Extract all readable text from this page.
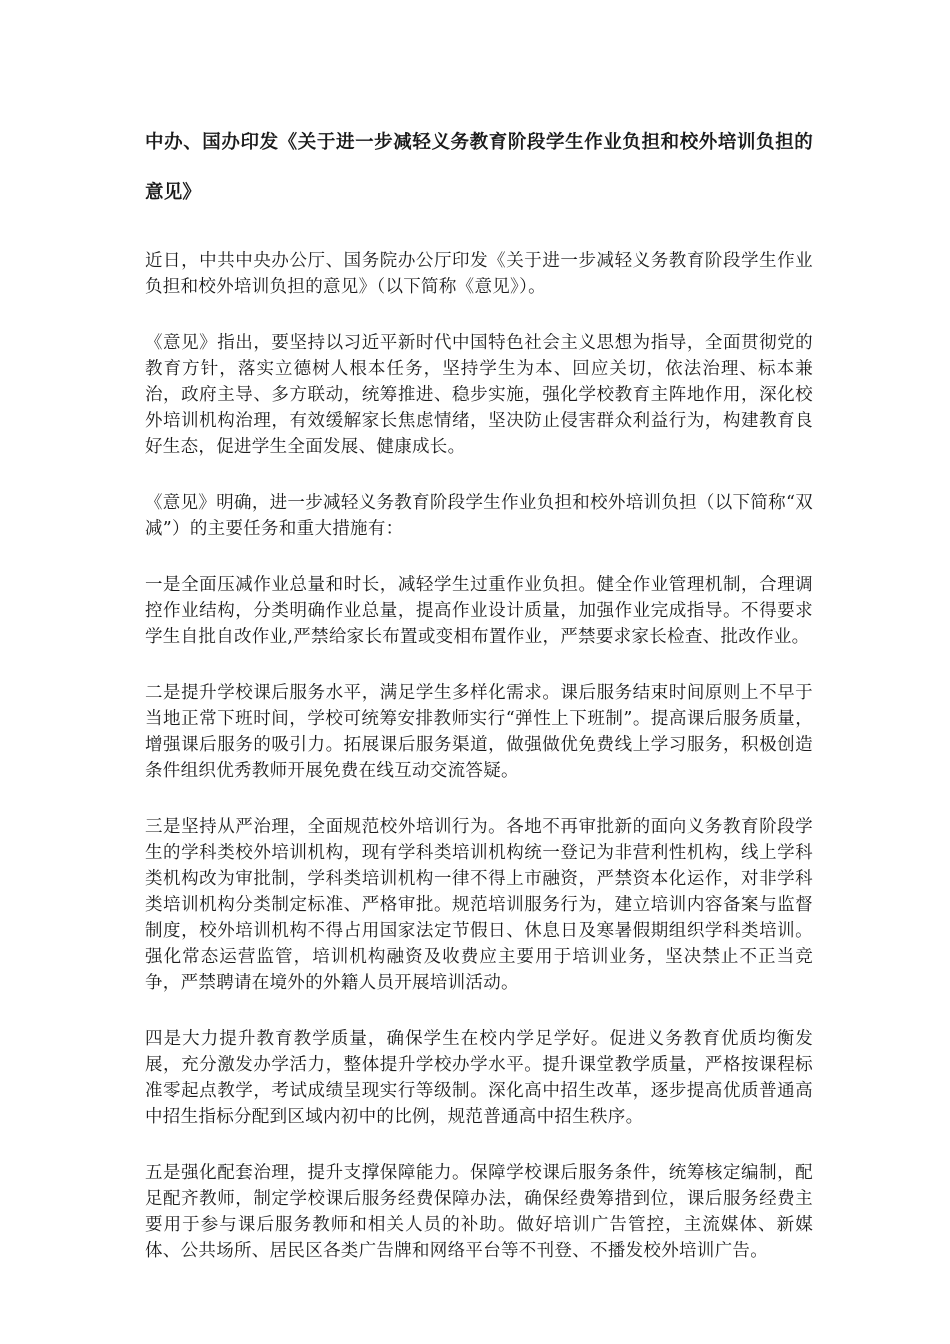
中办、国办印发《关于进一步减轻义务教育阶段学生作业负担和校外培训负担的意见》

近日，中共中央办公厅、国务院办公厅印发《关于进一步减轻义务教育阶段学生作业负担和校外培训负担的意见》（以下简称《意见》）。

《意见》指出，要坚持以习近平新时代中国特色社会主义思想为指导，全面贯彻党的教育方针，落实立德树人根本任务，坚持学生为本、回应关切，依法治理、标本兼治，政府主导、多方联动，统筹推进、稳步实施，强化学校教育主阵地作用，深化校外培训机构治理，有效缓解家长焦虑情绪，坚决防止侵害群众利益行为，构建教育良好生态，促进学生全面发展、健康成长。

《意见》明确，进一步减轻义务教育阶段学生作业负担和校外培训负担（以下简称“双减”）的主要任务和重大措施有：

一是全面压减作业总量和时长，减轻学生过重作业负担。健全作业管理机制，合理调控作业结构，分类明确作业总量，提高作业设计质量，加强作业完成指导。不得要求学生自批自改作业,严禁给家长布置或变相布置作业，严禁要求家长检查、批改作业。

二是提升学校课后服务水平，满足学生多样化需求。课后服务结束时间原则上不早于当地正常下班时间，学校可统筹安排教师实行“弹性上下班制”。提高课后服务质量，增强课后服务的吸引力。拓展课后服务渠道，做强做优免费线上学习服务，积极创造条件组织优秀教师开展免费在线互动交流答疑。

三是坚持从严治理，全面规范校外培训行为。各地不再审批新的面向义务教育阶段学生的学科类校外培训机构，现有学科类培训机构统一登记为非营利性机构，线上学科类机构改为审批制，学科类培训机构一律不得上市融资，严禁资本化运作，对非学科类培训机构分类制定标准、严格审批。规范培训服务行为，建立培训内容备案与监督制度，校外培训机构不得占用国家法定节假日、休息日及寒暑假期组织学科类培训。强化常态运营监管，培训机构融资及收费应主要用于培训业务，坚决禁止不正当竞争，严禁聘请在境外的外籍人员开展培训活动。

四是大力提升教育教学质量，确保学生在校内学足学好。促进义务教育优质均衡发展，充分激发办学活力，整体提升学校办学水平。提升课堂教学质量，严格按课程标准零起点教学，考试成绩呈现实行等级制。深化高中招生改革，逐步提高优质普通高中招生指标分配到区域内初中的比例，规范普通高中招生秩序。

五是强化配套治理，提升支撑保障能力。保障学校课后服务条件，统筹核定编制，配足配齐教师，制定学校课后服务经费保障办法，确保经费筹措到位，课后服务经费主要用于参与课后服务教师和相关人员的补助。做好培训广告管控，主流媒体、新媒体、公共场所、居民区各类广告牌和网络平台等不刊登、不播发校外培训广告。
